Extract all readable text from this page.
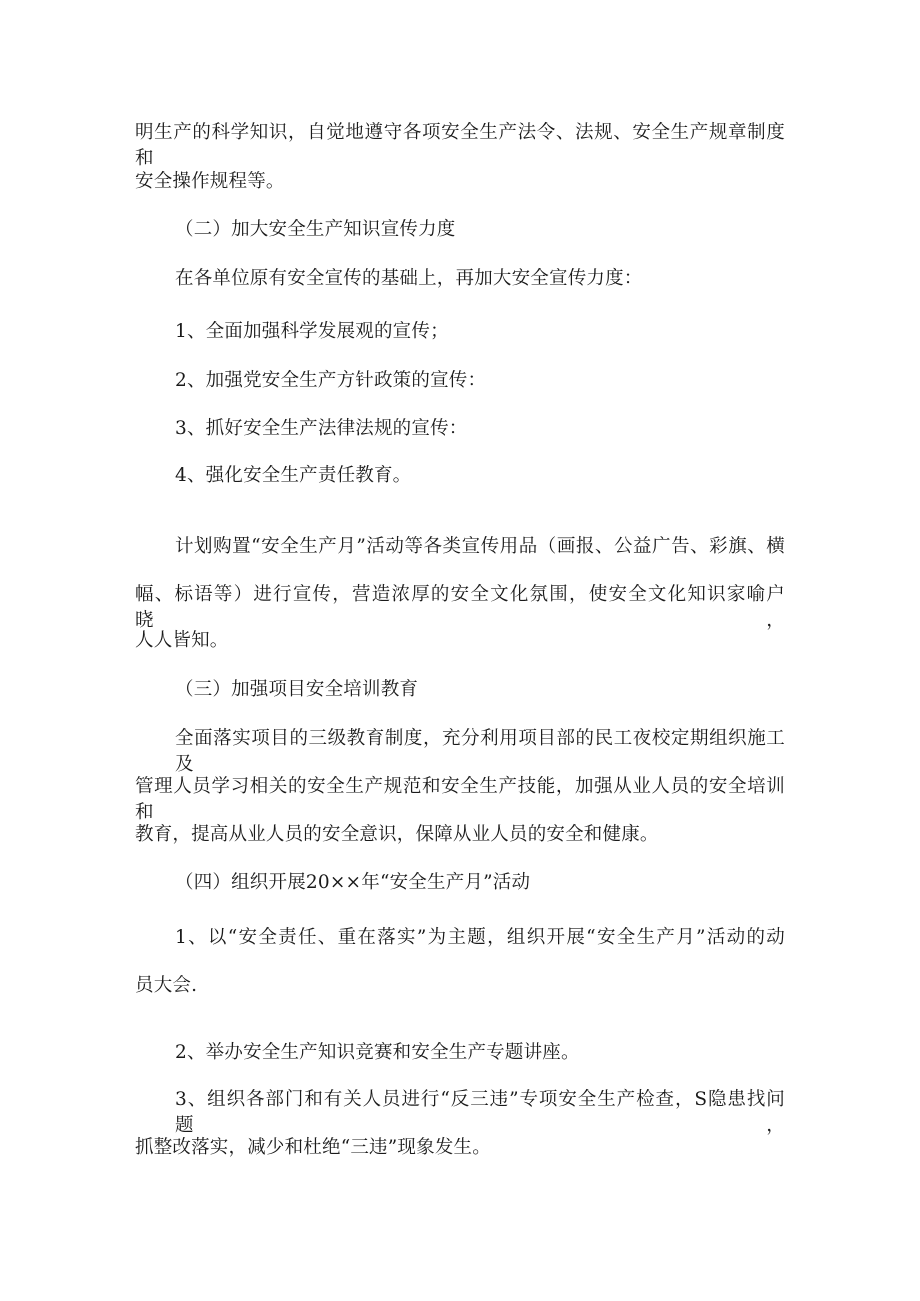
明生产的科学知识，自觉地遵守各项安全生产法令、法规、安全生产规章制度和
安全操作规程等。
（二）加大安全生产知识宣传力度
在各单位原有安全宣传的基础上，再加大安全宣传力度：
1、全面加强科学发展观的宣传；
2、加强党安全生产方针政策的宣传：
3、抓好安全生产法律法规的宣传：
4、强化安全生产责任教育。
计划购置“安全生产月”活动等各类宣传用品（画报、公益广告、彩旗、横
幅、标语等）进行宣传，营造浓厚的安全文化氛围，使安全文化知识家喻户晓，
人人皆知。
（三）加强项目安全培训教育
全面落实项目的三级教育制度，充分利用项目部的民工夜校定期组织施工及
管理人员学习相关的安全生产规范和安全生产技能，加强从业人员的安全培训和
教育，提高从业人员的安全意识，保障从业人员的安全和健康。
（四）组织开展20××年“安全生产月”活动
1、以“安全责任、重在落实”为主题，组织开展“安全生产月”活动的动
员大会.
2、举办安全生产知识竞赛和安全生产专题讲座。
3、组织各部门和有关人员进行“反三违”专项安全生产检查，S隐患找问题，
抓整改落实，减少和杜绝“三违”现象发生。
